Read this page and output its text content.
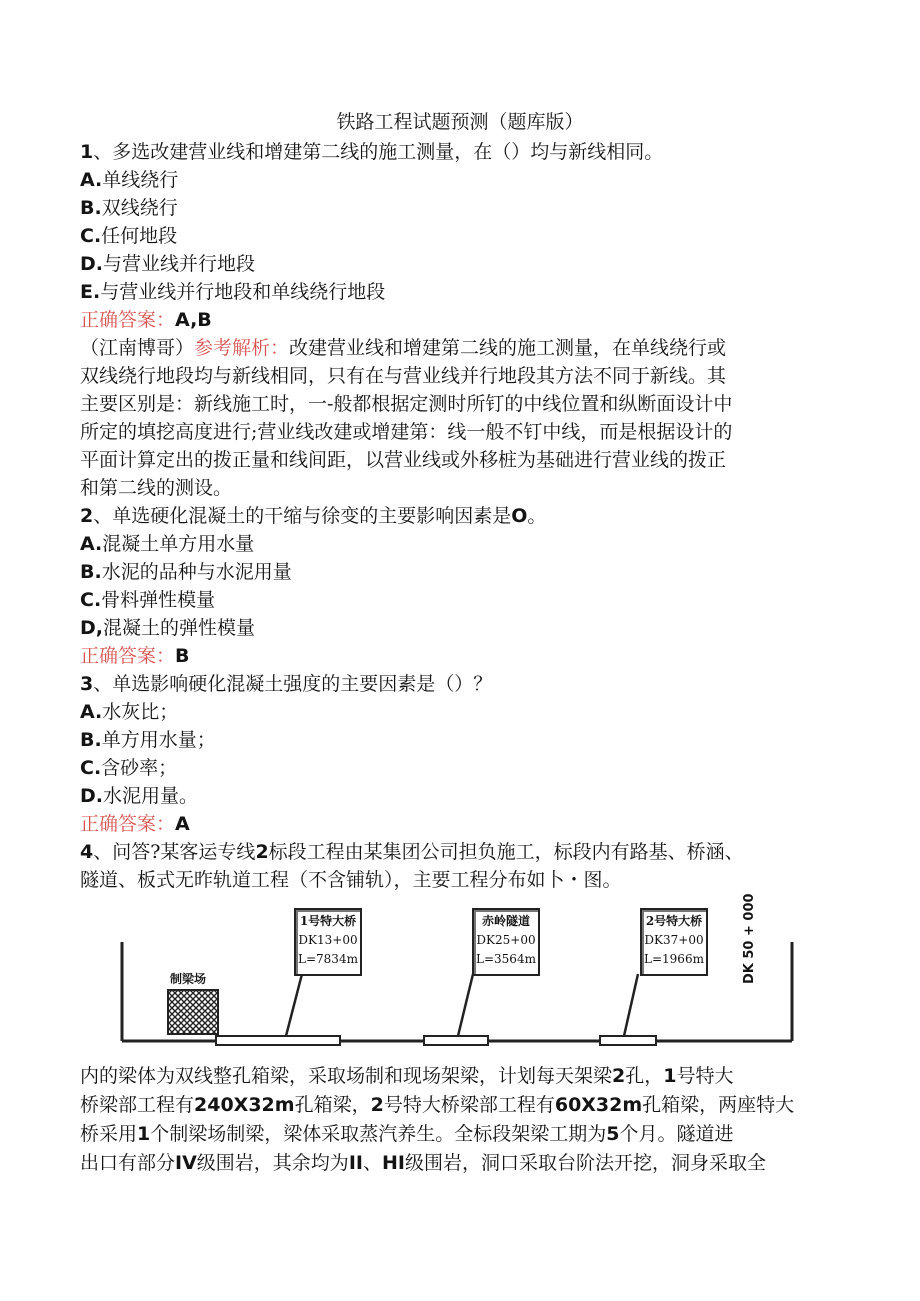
铁路工程试题预测（题库版）
1、多选改建营业线和增建第二线的施工测量，在（）均与新线相同。
A.单线绕行
B.双线绕行
C.任何地段
D.与营业线并行地段
E.与营业线并行地段和单线绕行地段
正确答案：A,B
（江南博哥）参考解析：改建营业线和增建第二线的施工测量，在单线绕行或
双线绕行地段均与新线相同，只有在与营业线并行地段其方法不同于新线。其
主要区别是：新线施工时，一-般都根据定测时所钉的中线位置和纵断面设计中
所定的填挖高度进行;营业线改建或增建第：线一般不钉中线，而是根据设计的
平面计算定出的拨正量和线间距，以营业线或外移桩为基础进行营业线的拨正
和第二线的测设。
2、单选硬化混凝土的干缩与徐变的主要影响因素是O。
A.混凝土单方用水量
B.水泥的品种与水泥用量
C.骨料弹性模量
D,混凝土的弹性模量
正确答案：B
3、单选影响硬化混凝土强度的主要因素是（）？
A.水灰比；
B.单方用水量；
C.含砂率；
D.水泥用量。
正确答案：A
4、问答?某客运专线2标段工程由某集团公司担负施工，标段内有路基、桥涵、
隧道、板式无昨轨道工程（不含铺轨），主要工程分布如卜・图。
制梁场
1号特大桥
DK13+00
L=7834m
赤岭隧道
DK25+00
L=3564m
2号特大桥
DK37+00
L=1966m	DK 50 + 000
内的梁体为双线整孔箱梁，采取场制和现场架梁，计划每天架梁2孔，1号特大
桥梁部工程有240X32m孔箱梁，2号特大桥梁部工程有60X32m孔箱梁，两座特大
桥采用1个制梁场制梁，梁体采取蒸汽养生。全标段架梁工期为5个月。隧道进
出口有部分IV级围岩，其余均为II、HI级围岩，洞口采取台阶法开挖，洞身采取全
